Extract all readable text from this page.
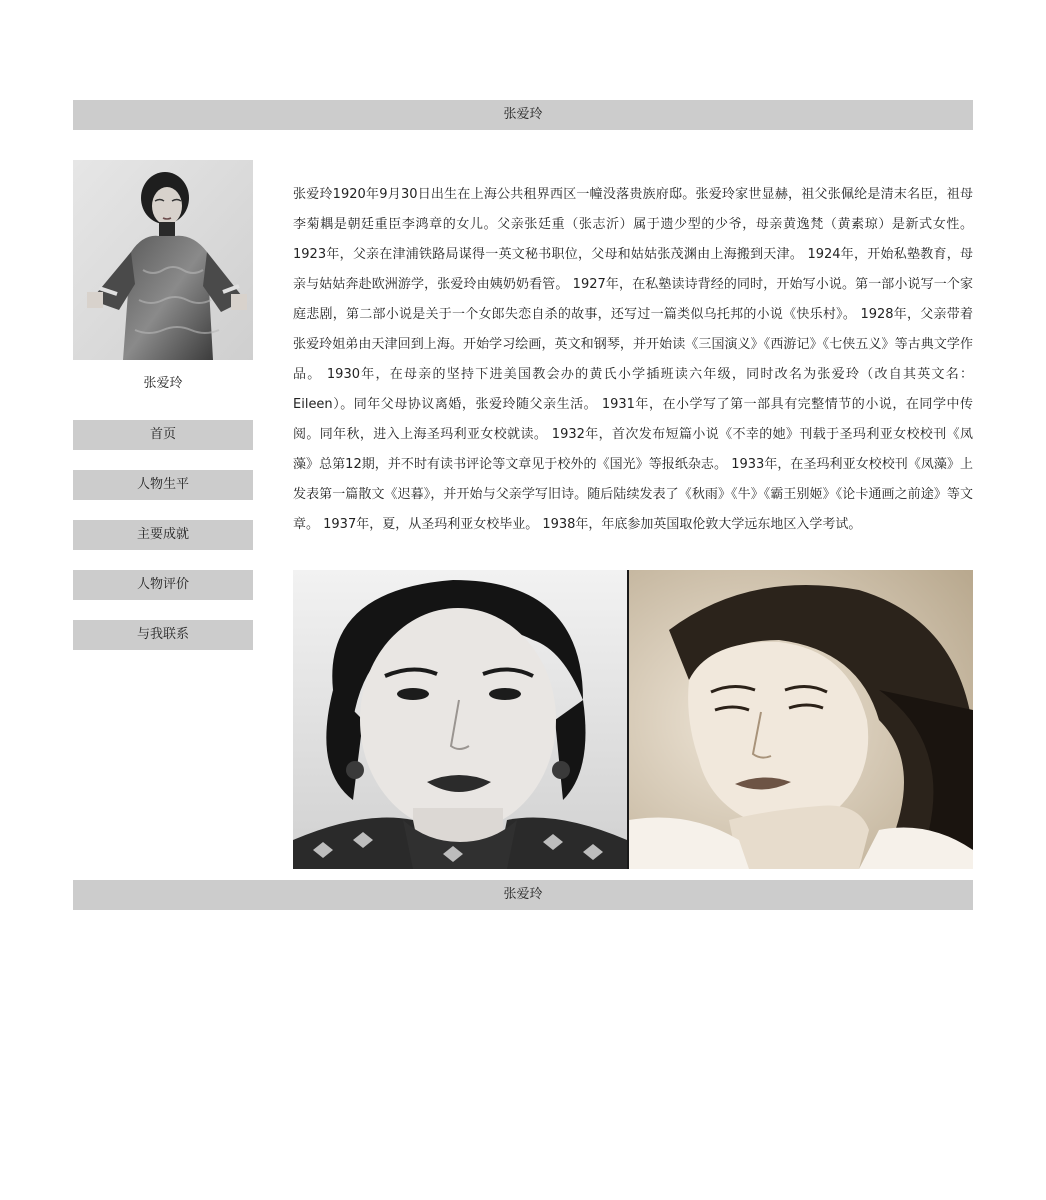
张爱玲
张爱玲
首页
人物生平
主要成就
人物评价
与我联系

张爱玲1920年9月30日出生在上海公共租界西区一幢没落贵族府邸。张爱玲家世显赫，祖父张佩纶是清末名臣，祖母李菊耦是朝廷重臣李鸿章的女儿。父亲张廷重（张志沂）属于遗少型的少爷，母亲黄逸梵（黄素琼）是新式女性。 1923年，父亲在津浦铁路局谋得一英文秘书职位，父母和姑姑张茂渊由上海搬到天津。 1924年，开始私塾教育，母亲与姑姑奔赴欧洲游学，张爱玲由姨奶奶看管。 1927年，在私塾读诗背经的同时，开始写小说。第一部小说写一个家庭悲剧，第二部小说是关于一个女郎失恋自杀的故事，还写过一篇类似乌托邦的小说《快乐村》。 1928年，父亲带着张爱玲姐弟由天津回到上海。开始学习绘画，英文和钢琴，并开始读《三国演义》《西游记》《七侠五义》等古典文学作品。 1930年，在母亲的坚持下进美国教会办的黄氏小学插班读六年级，同时改名为张爱玲（改自其英文名：Eileen）。同年父母协议离婚，张爱玲随父亲生活。 1931年，在小学写了第一部具有完整情节的小说，在同学中传阅。同年秋，进入上海圣玛利亚女校就读。 1932年，首次发布短篇小说《不幸的她》刊载于圣玛利亚女校校刊《凤藻》总第12期，并不时有读书评论等文章见于校外的《国光》等报纸杂志。 1933年，在圣玛利亚女校校刊《凤藻》上发表第一篇散文《迟暮》，并开始与父亲学写旧诗。随后陆续发表了《秋雨》《牛》《霸王别姬》《论卡通画之前途》等文章。 1937年，夏，从圣玛利亚女校毕业。 1938年，年底参加英国取伦敦大学远东地区入学考试。

张爱玲
